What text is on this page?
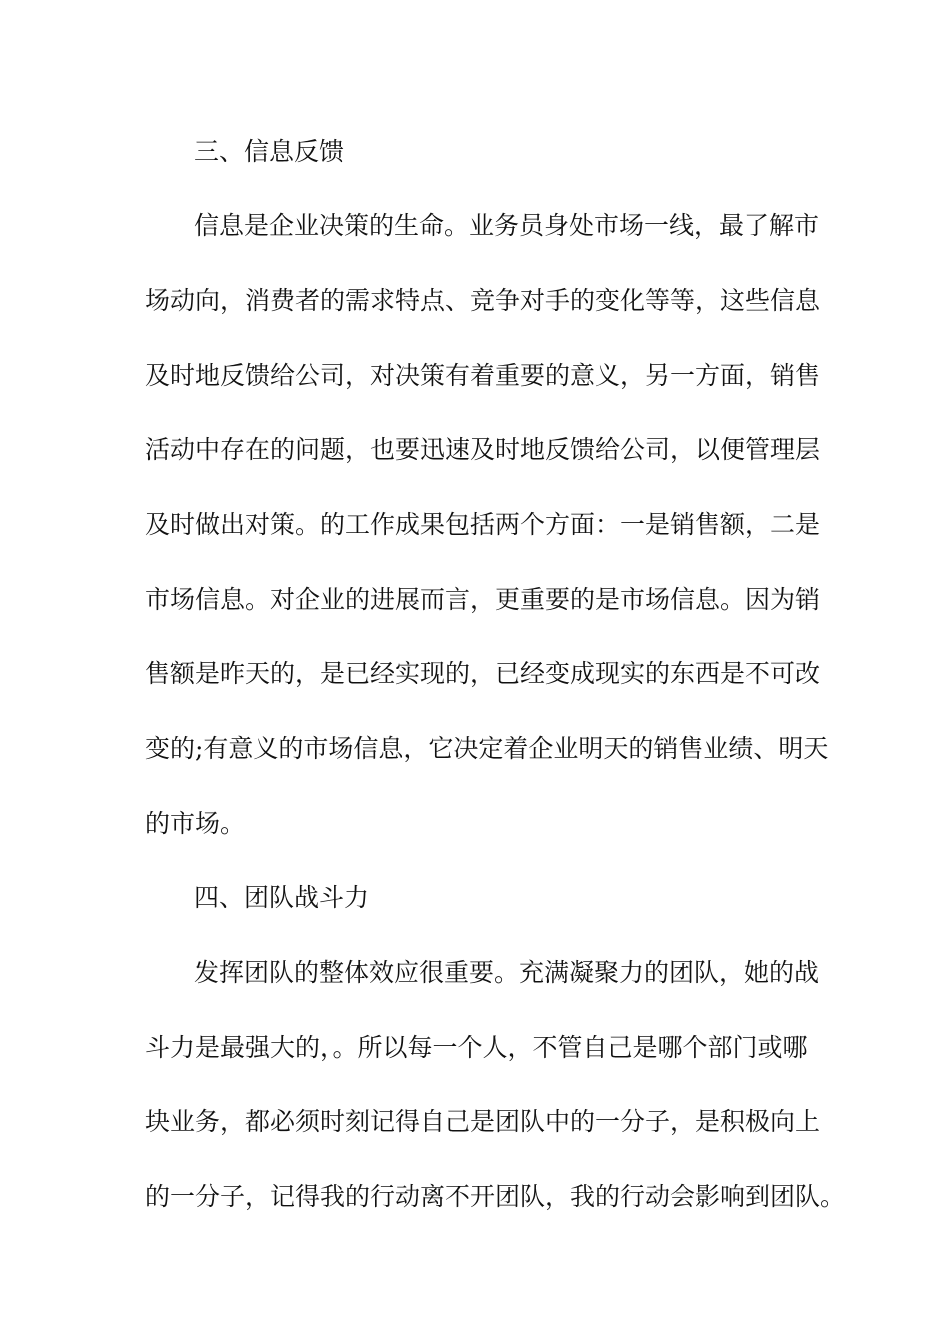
三、信息反馈
信息是企业决策的生命。业务员身处市场一线，最了解市
场动向，消费者的需求特点、竞争对手的变化等等，这些信息
及时地反馈给公司，对决策有着重要的意义，另一方面，销售
活动中存在的问题，也要迅速及时地反馈给公司，以便管理层
及时做出对策。的工作成果包括两个方面：一是销售额，二是
市场信息。对企业的进展而言，更重要的是市场信息。因为销
售额是昨天的，是已经实现的，已经变成现实的东西是不可改
变的;有意义的市场信息，它决定着企业明天的销售业绩、明天
的市场。
四、团队战斗力
发挥团队的整体效应很重要。充满凝聚力的团队，她的战
斗力是最强大的，。所以每一个人，不管自己是哪个部门或哪
块业务，都必须时刻记得自己是团队中的一分子，是积极向上
的一分子，记得我的行动离不开团队，我的行动会影响到团队。
